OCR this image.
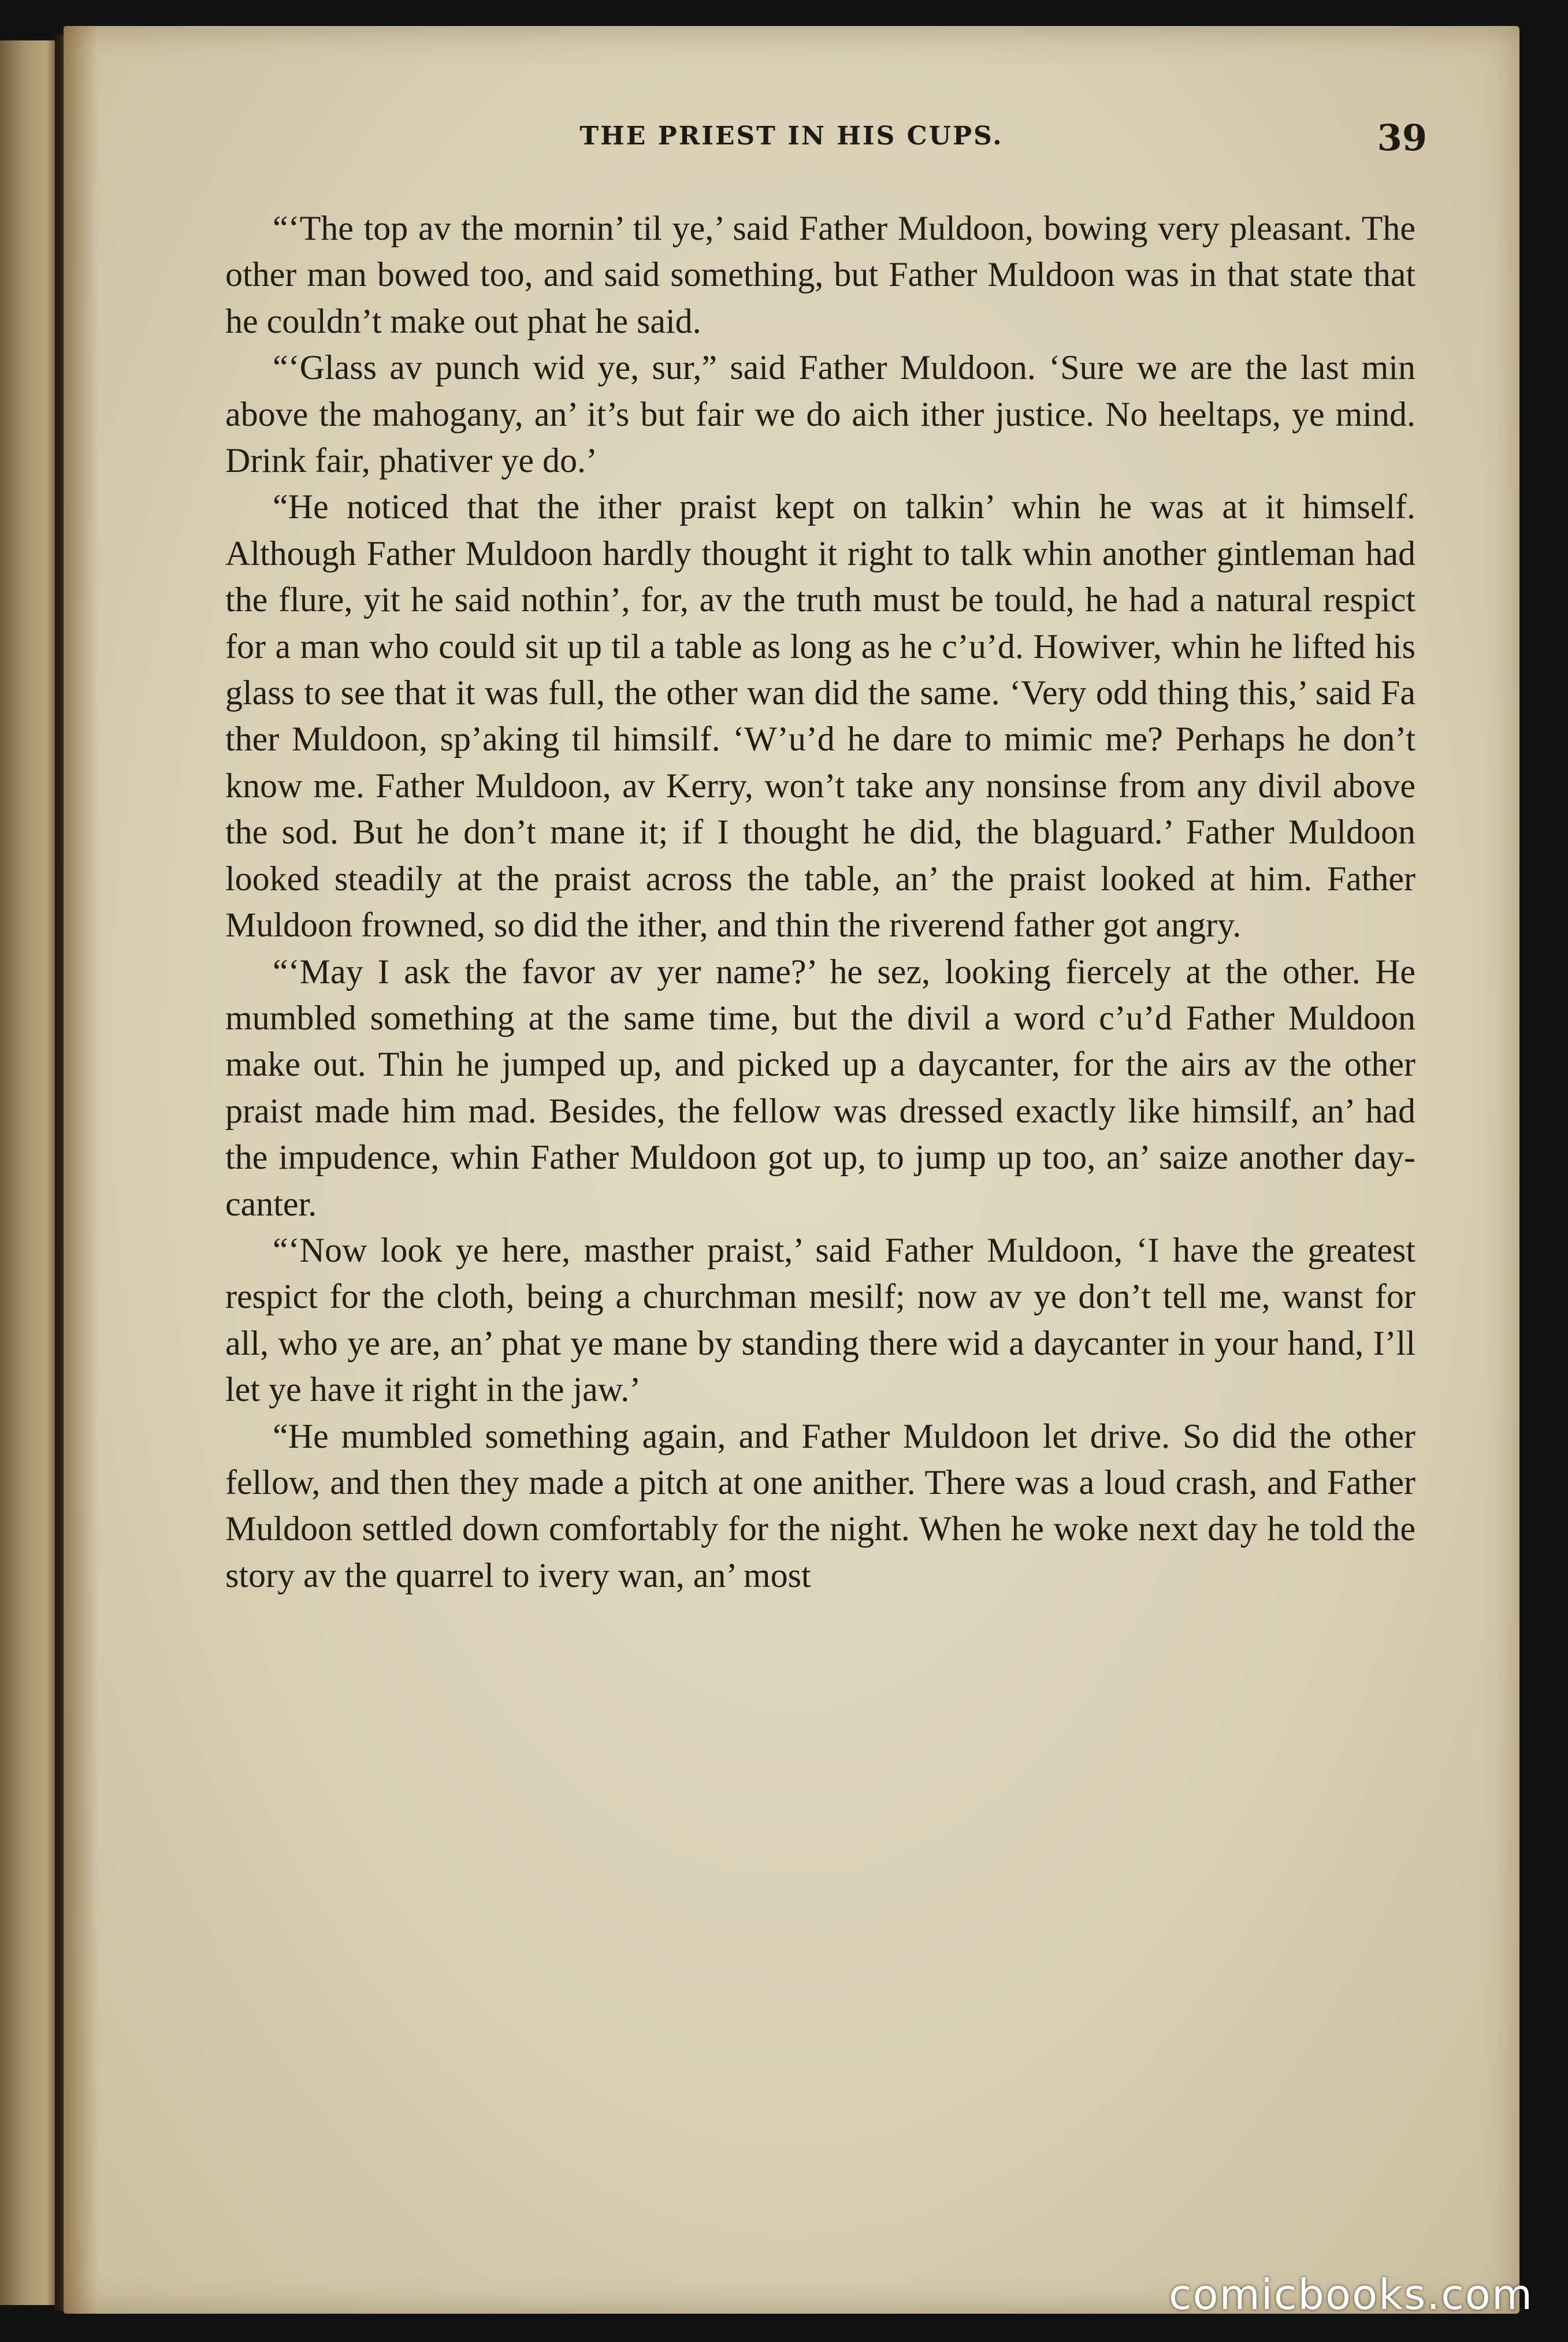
THE PRIEST IN HIS CUPS.	39

“‘The top av the mornin’ til ye,’ said Father Muldoon, bowing very pleasant. The other man bowed too, and said something, but Father Muldoon was in that state that he couldn’t make out phat he said.

“‘Glass av punch wid ye, sur,” said Father Muldoon. ‘Sure we are the last min above the mahogany, an’ it’s but fair we do aich ither justice. No heeltaps, ye mind. Drink fair, phativer ye do.’

“He noticed that the ither praist kept on talkin’ whin he was at it himself. Although Father Muldoon hardly thought it right to talk whin another gintleman had the flure, yit he said nothin’, for, av the truth must be tould, he had a natural respict for a man who could sit up til a table as long as he c’u’d. Howiver, whin he lifted his glass to see that it was full, the other wan did the same. ‘Very odd thing this,’ said Fa ther Muldoon, sp’aking til himsilf. ‘W’u’d he dare to mimic me? Perhaps he don’t know me. Father Muldoon, av Kerry, won’t take any nonsinse from any divil above the sod. But he don’t mane it; if I thought he did, the blaguard.’ Father Muldoon looked steadily at the praist across the table, an’ the praist looked at him. Father Muldoon frowned, so did the ither, and thin the riverend father got angry.

“‘May I ask the favor av yer name?’ he sez, looking fiercely at the other. He mumbled something at the same time, but the divil a word c’u’d Father Muldoon make out. Thin he jumped up, and picked up a daycanter, for the airs av the other praist made him mad. Besides, the fellow was dressed exactly like himsilf, an’ had the impudence, whin Father Muldoon got up, to jump up too, an’ saize another day-canter.

“‘Now look ye here, masther praist,’ said Father Muldoon, ‘I have the greatest respict for the cloth, being a churchman mesilf; now av ye don’t tell me, wanst for all, who ye are, an’ phat ye mane by standing there wid a daycanter in your hand, I’ll let ye have it right in the jaw.’

“He mumbled something again, and Father Muldoon let drive. So did the other fellow, and then they made a pitch at one anither. There was a loud crash, and Father Muldoon settled down comfortably for the night. When he woke next day he told the story av the quarrel to ivery wan, an’ most

comicbooks.com
